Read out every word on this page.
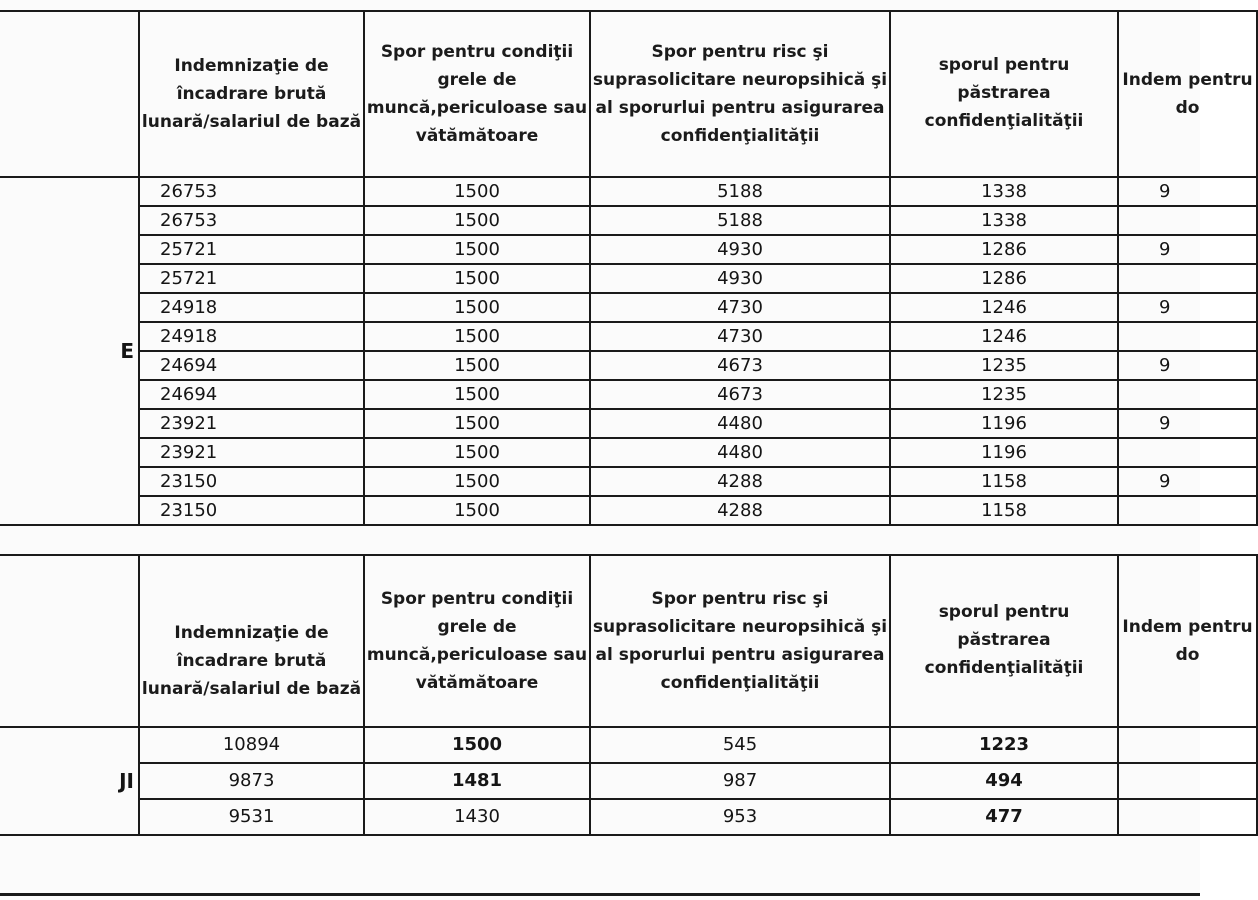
	Indemnizaţie de încadrare brută lunară/salariul de bază	Spor pentru condiţii grele de muncă,periculoase sau vătămătoare	Spor pentru risc şi suprasolicitare neuropsihică şi al sporurlui pentru asigurarea confidenţialităţii	sporul pentru păstrarea confidenţialităţii	Indem pentru do
E	26753	1500	5188	1338	9
	26753	1500	5188	1338	
	25721	1500	4930	1286	9
	25721	1500	4930	1286	
	24918	1500	4730	1246	9
	24918	1500	4730	1246	
	24694	1500	4673	1235	9
	24694	1500	4673	1235	
	23921	1500	4480	1196	9
	23921	1500	4480	1196	
	23150	1500	4288	1158	9
	23150	1500	4288	1158	
	Indemnizaţie de încadrare brută lunară/salariul de bază	Spor pentru condiţii grele de muncă,periculoase sau vătămătoare	Spor pentru risc şi suprasolicitare neuropsihică şi al sporurlui pentru asigurarea confidenţialităţii	sporul pentru păstrarea confidenţialităţii	Indem pentru do
JI	10894	1500	545	1223	
	9873	1481	987	494	
	9531	1430	953	477	
